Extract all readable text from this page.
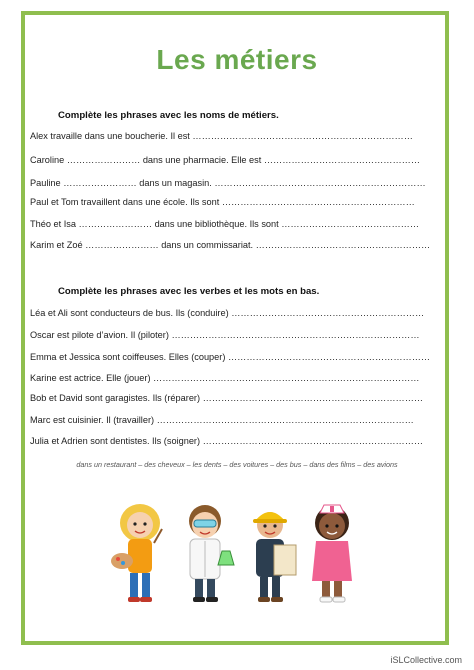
Les métiers
Complète les phrases avec les noms de métiers.
Alex travaille dans une boucherie. Il est ………………………………………………………………
Caroline …………………… dans une pharmacie. Elle est ……………………………………………
Pauline …………………… dans un magasin. ……………………………………………………………
Paul et Tom travaillent dans une école. Ils sont ………………………………………………………
Théo et Isa …………………… dans une bibliothèque. Ils sont ………………………………………
Karim et Zoé …………………… dans un commissariat. …………………………………………………
Complète les phrases avec les verbes et les mots en bas.
Léa et Ali sont conducteurs de bus. Ils (conduire) ………………………………………………………
Oscar est pilote d’avion. Il (piloter) ………………………………………………………………………
Emma et Jessica sont coiffeuses. Elles (couper) …………………………………………………………
Karine est actrice. Elle (jouer) ……………………………………………………………………………
Bob et David sont garagistes. Ils (réparer) ………………………………………………………………
Marc est cuisinier. Il (travailler) …………………………………………………………………………
Julia et Adrien sont dentistes. Ils (soigner) ………………………………………………………………
dans un restaurant – des cheveux – les dents – des voitures – des bus – dans des films – des avions
iSLCollective.com
